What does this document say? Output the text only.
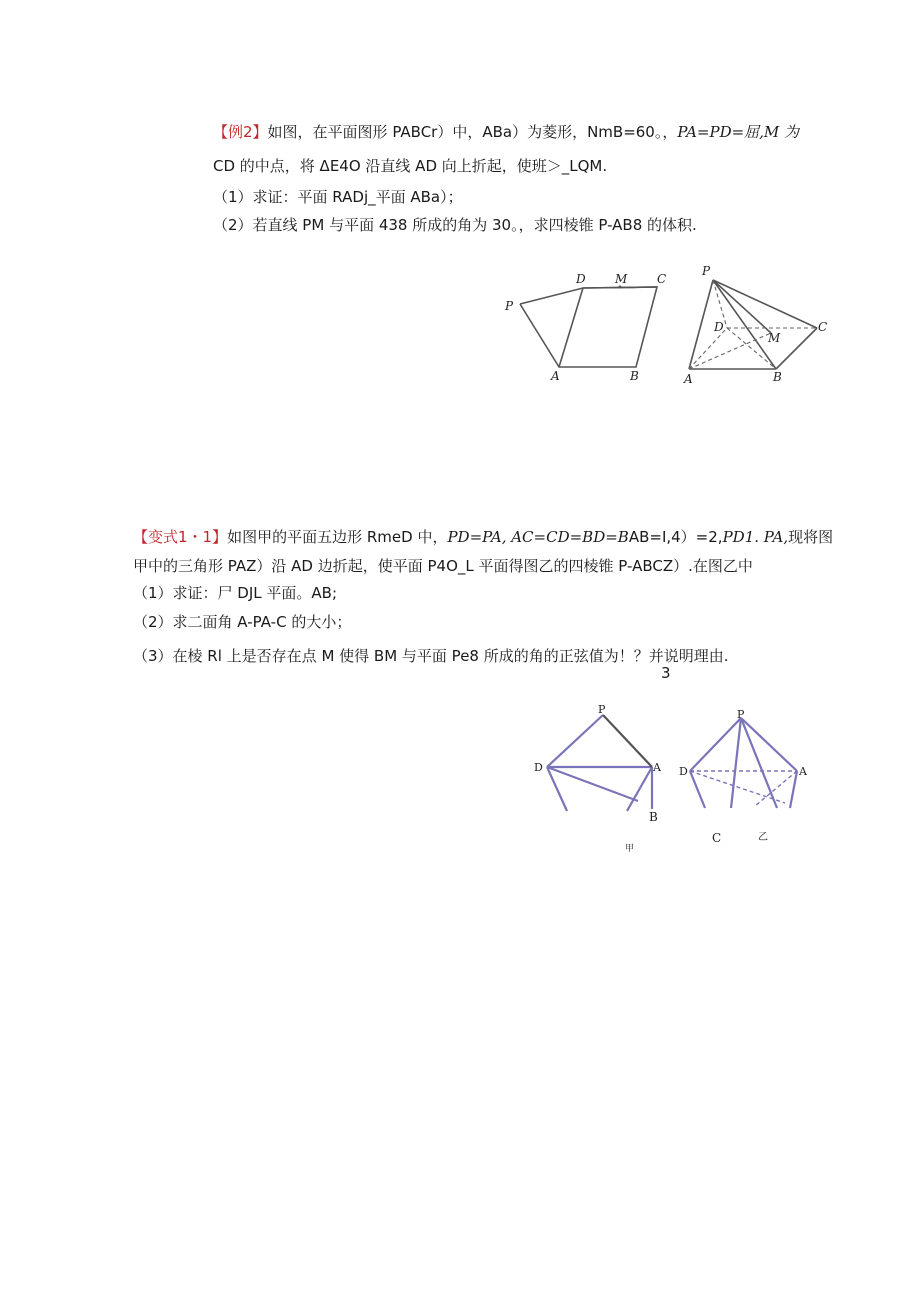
【例2】如图，在平面图形 PABCr）中，ABa）为菱形，NmB=60。，PA=PD=屈,M 为
CD 的中点，将 ΔE4O 沿直线 AD 向上折起，使班＞_LQM.
（1）求证：平面 RADj_平面 ABa）；
（2）若直线 PM 与平面 438 所成的角为 30。，求四棱锥 P-AB8 的体积.
P
D M C
A	B
P
D
M
C
A	B
【变式1・1】如图甲的平面五边形 RmeD 中，PD=PA, AC=CD=BD=BAB=I,4）=2,PD1. PA,现将图
甲中的三角形 PAZ）沿 AD 边折起，使平面 P4O_L 平面得图乙的四棱锥 P-ABCZ）.在图乙中
（1）求证：尸 DJL 平面。AB;
（2）求二面角 A-PA-C 的大小；
（3）在棱 Rl 上是否存在点 M 使得 BM 与平面 Pe8 所成的角的正弦值为！？并说明理由.
3
P
D	A
B
甲
P
D	A
C	乙
